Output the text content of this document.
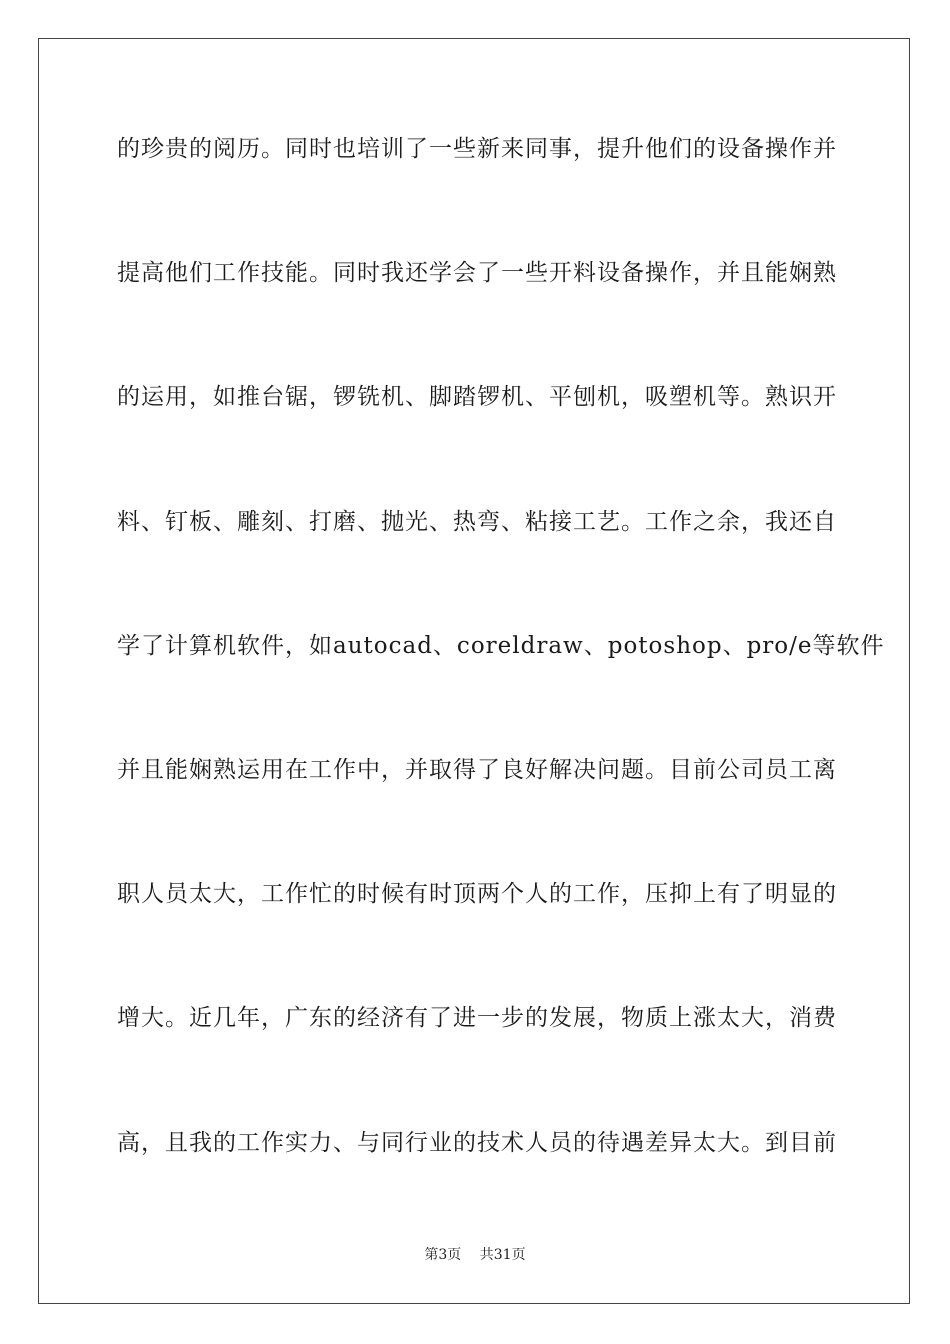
的珍贵的阅历。同时也培训了一些新来同事，提升他们的设备操作并
提高他们工作技能。同时我还学会了一些开料设备操作，并且能娴熟
的运用，如推台锯，锣铣机、脚踏锣机、平刨机，吸塑机等。熟识开
料、钉板、雕刻、打磨、抛光、热弯、粘接工艺。工作之余，我还自
学了计算机软件，如autocad、coreldraw、potoshop、pro/e等软件
并且能娴熟运用在工作中，并取得了良好解决问题。目前公司员工离
职人员太大，工作忙的时候有时顶两个人的工作，压抑上有了明显的
增大。近几年，广东的经济有了进一步的发展，物质上涨太大，消费
高，且我的工作实力、与同行业的技术人员的待遇差异太大。到目前
第3页 共31页
